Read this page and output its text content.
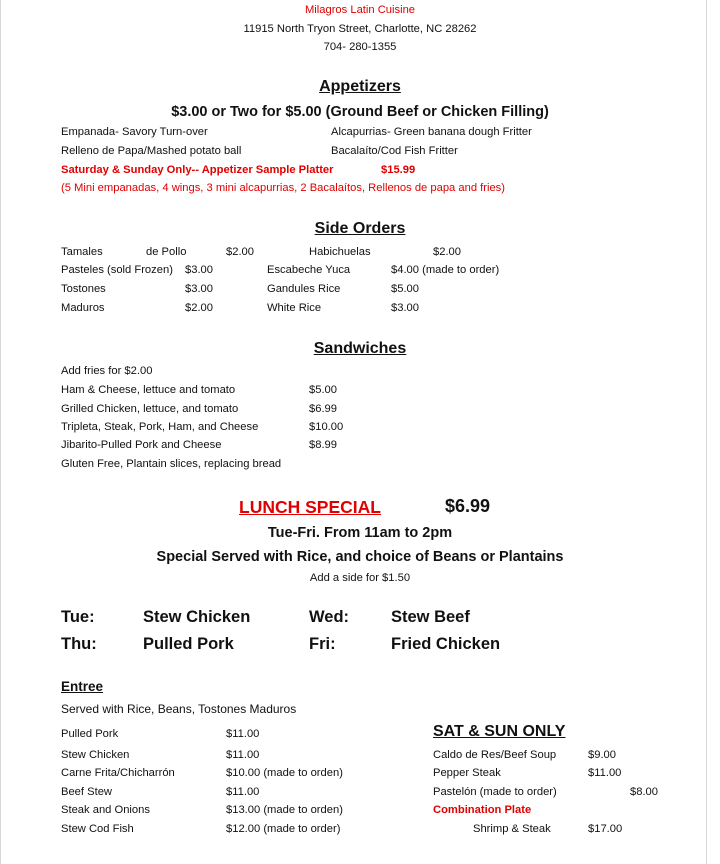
Milagros Latin Cuisine
11915 North Tryon Street, Charlotte, NC 28262
704- 280-1355
Appetizers
$3.00 or Two for $5.00 (Ground Beef or Chicken Filling)
Empanada- Savory Turn-over	Alcapurrias- Green banana dough Fritter
Relleno de Papa/Mashed potato ball	Bacalaíto/Cod Fish Fritter
Saturday & Sunday Only-- Appetizer Sample Platter	$15.99
(5 Mini empanadas, 4 wings, 3 mini alcapurrias, 2 Bacalaítos, Rellenos de papa and fries)
Side Orders
Tamales	de Pollo	$2.00	Habichuelas	$2.00
Pasteles (sold Frozen) $3.00	Escabeche Yuca	$4.00 (made to order)
Tostones	$3.00	Gandules Rice	$5.00
Maduros	$2.00	White Rice	$3.00
Sandwiches
Add fries for $2.00
Ham & Cheese, lettuce and tomato	$5.00
Grilled Chicken, lettuce, and tomato	$6.99
Tripleta, Steak, Pork, Ham, and Cheese	$10.00
Jibarito-Pulled Pork and Cheese	$8.99
Gluten Free, Plantain slices, replacing bread
LUNCH SPECIAL	$6.99
Tue-Fri. From 11am to 2pm
Special Served with Rice, and choice of Beans or Plantains
Add a side for $1.50
Tue:	Stew Chicken	Wed:	Stew Beef
Thu:	Pulled Pork	Fri:	Fried Chicken
Entree
Served with Rice, Beans, Tostones Maduros
Pulled Pork	$11.00
Stew Chicken	$11.00
Carne Frita/Chicharrón	$10.00 (made to orden)
Beef Stew	$11.00
Steak and Onions	$13.00 (made to orden)
Stew Cod Fish	$12.00 (made to order)
SAT & SUN ONLY
Caldo de Res/Beef Soup	$9.00
Pepper Steak	$11.00
Pastelón (made to order)	$8.00
Combination Plate
Shrimp & Steak	$17.00
